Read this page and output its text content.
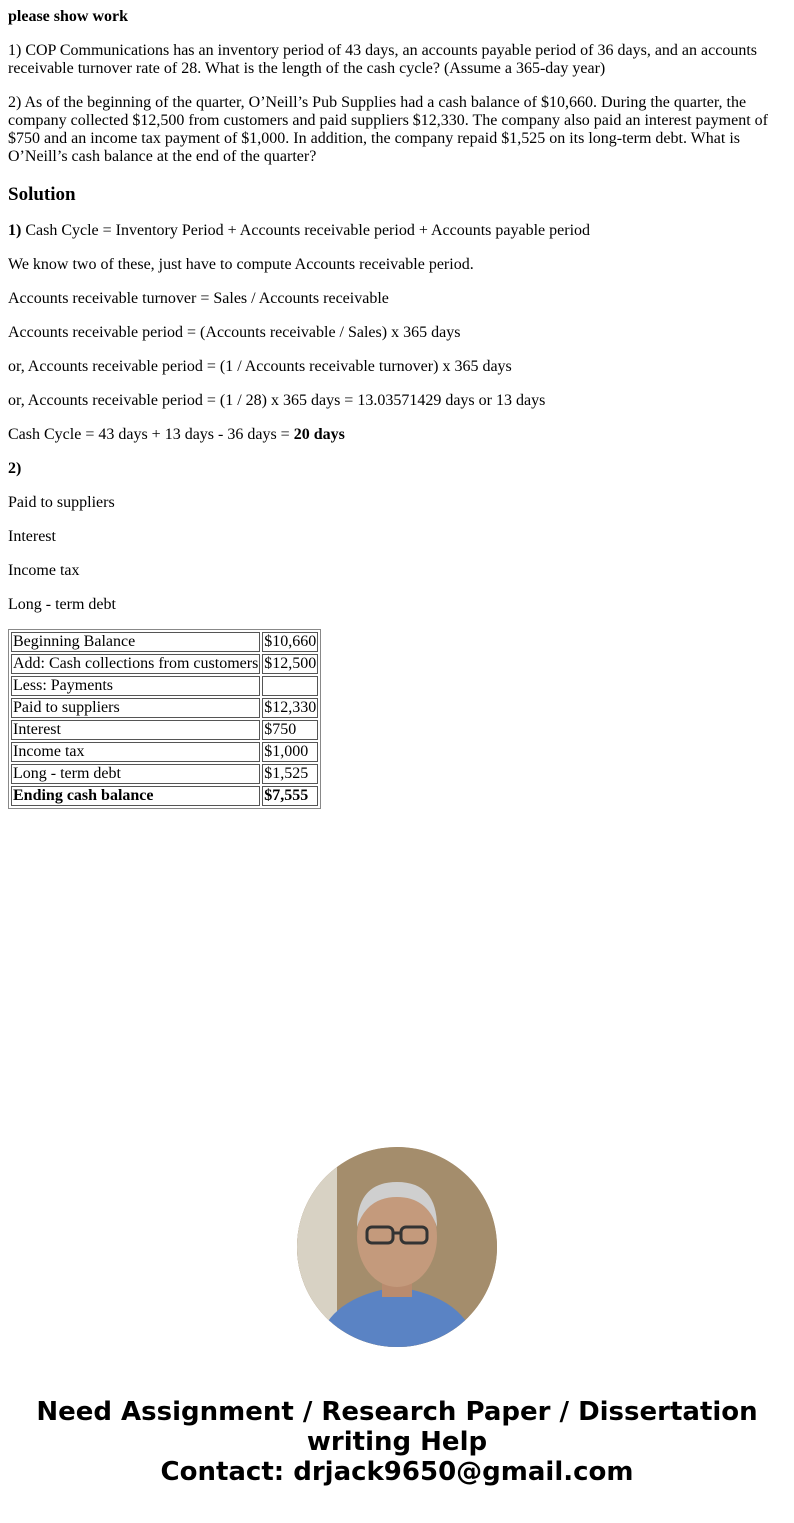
please show work

1) COP Communications has an inventory period of 43 days, an accounts payable period of 36 days, and an accounts receivable turnover rate of 28. What is the length of the cash cycle? (Assume a 365-day year)

2) As of the beginning of the quarter, O’Neill’s Pub Supplies had a cash balance of $10,660. During the quarter, the company collected $12,500 from customers and paid suppliers $12,330. The company also paid an interest payment of $750 and an income tax payment of $1,000. In addition, the company repaid $1,525 on its long-term debt. What is O’Neill’s cash balance at the end of the quarter?

Solution

1) Cash Cycle = Inventory Period + Accounts receivable period + Accounts payable period

We know two of these, just have to compute Accounts receivable period.

Accounts receivable turnover = Sales / Accounts receivable

Accounts receivable period = (Accounts receivable / Sales) x 365 days

or, Accounts receivable period = (1 / Accounts receivable turnover) x 365 days

or, Accounts receivable period = (1 / 28) x 365 days = 13.03571429 days or 13 days

Cash Cycle = 43 days + 13 days - 36 days = 20 days

2)

Paid to suppliers

Interest

Income tax

Long - term debt

Beginning Balance	$10,660
Add: Cash collections from customers	$12,500
Less: Payments	
Paid to suppliers	$12,330
Interest	$750
Income tax	$1,000
Long - term debt	$1,525
Ending cash balance	$7,555
Need Assignment / Research Paper / Dissertation writing Help
Contact: drjack9650@gmail.com
